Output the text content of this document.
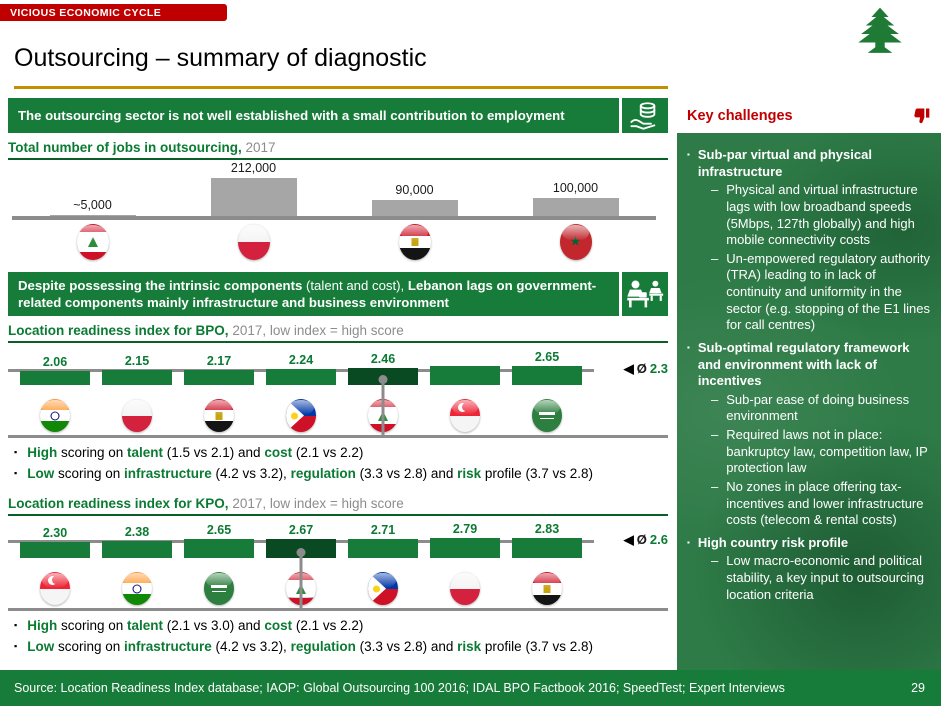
VICIOUS ECONOMIC CYCLE
Outsourcing – summary of diagnostic
The outsourcing sector is not well established with a small contribution to employment
Total number of jobs in outsourcing, 2017
~5,000
212,000
90,000	100,000
★
Despite possessing the intrinsic components (talent and cost), Lebanon lags on government-related components mainly infrastructure and business environment
Location readiness index for BPO, 2017, low index = high score
2.06	2.15	2.17	2.24	2.46	2.65
◀ Ø 2.3
▪ High scoring on talent (1.5 vs 2.1) and cost (2.1 vs 2.2)
▪ Low scoring on infrastructure (4.2 vs 3.2), regulation (3.3 vs 2.8) and risk profile (3.7 vs 2.8)
Location readiness index for KPO, 2017, low index = high score
2.30	2.38	2.65	2.67	2.71	2.79	2.83
◀ Ø 2.6
▪ High scoring on talent (2.1 vs 3.0) and cost (2.1 vs 2.2)
▪ Low scoring on infrastructure (4.2 vs 3.2), regulation (3.3 vs 2.8) and risk profile (3.7 vs 2.8)
Key challenges
▪ Sub-par virtual and physical infrastructure
– Physical and virtual infrastructure lags with low broadband speeds (5Mbps, 127th globally) and high mobile connectivity costs
– Un-empowered regulatory authority (TRA) leading to in lack of continuity and uniformity in the sector (e.g. stopping of the E1 lines for call centres)
▪ Sub-optimal regulatory framework and environment with lack of incentives
– Sub-par ease of doing business environment
– Required laws not in place: bankruptcy law, competition law, IP protection law
– No zones in place offering tax-incentives and lower infrastructure costs (telecom & rental costs)
▪ High country risk profile
– Low macro-economic and political stability, a key input to outsourcing location criteria
Source: Location Readiness Index database; IAOP: Global Outsourcing 100 2016; IDAL BPO Factbook 2016; SpeedTest; Expert Interviews	29
